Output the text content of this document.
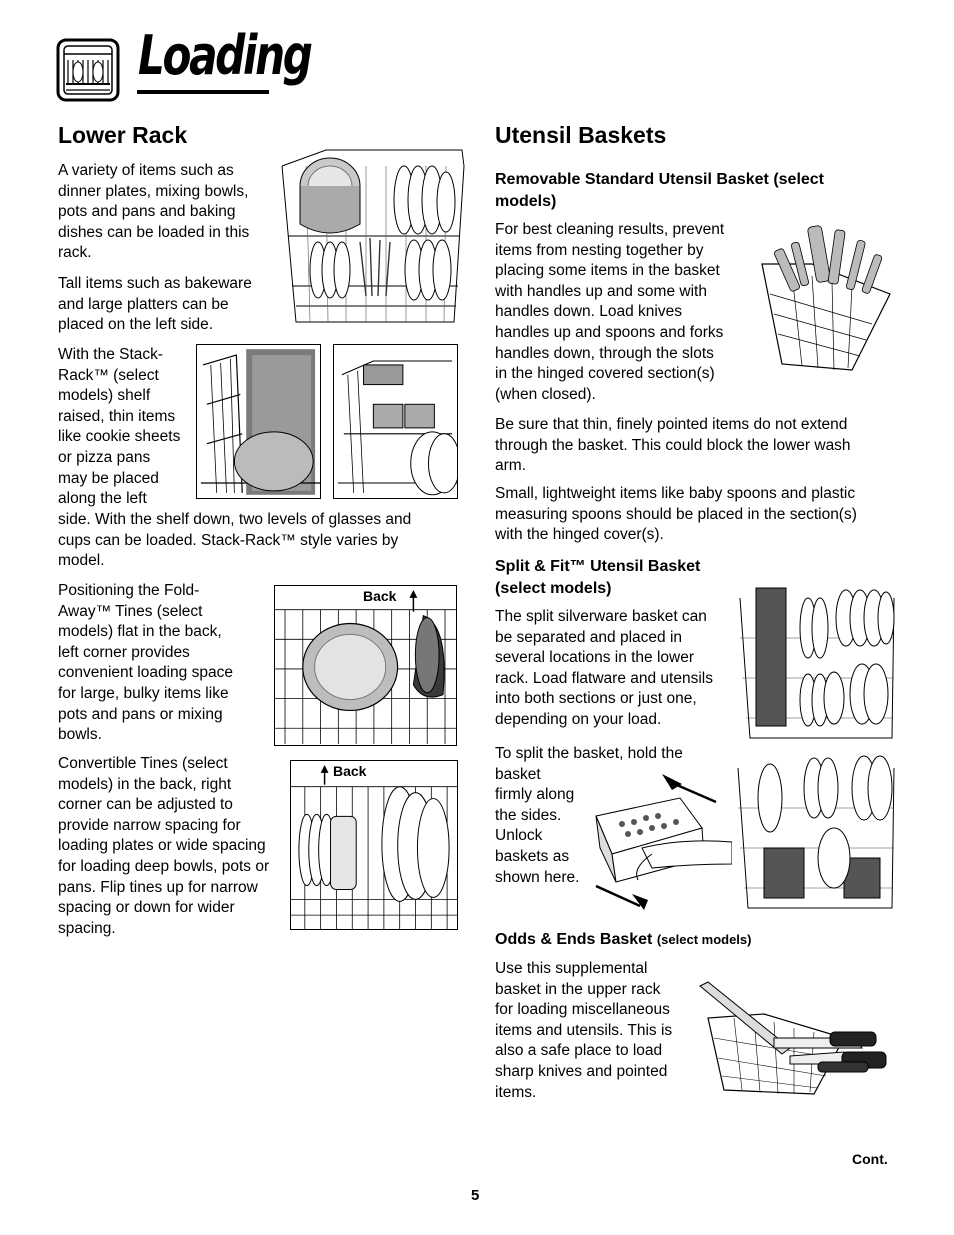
Loading
Lower Rack
A variety of items such as
dinner plates, mixing bowls,
pots and pans and baking
dishes can be loaded in this
rack.
Tall items such as bakeware
and large platters can be
placed on the left side.
With the Stack-
Rack™ (select
models) shelf
raised, thin items
like cookie sheets
or pizza pans
may be placed
along the left
side. With the shelf down, two levels of glasses and
cups can be loaded. Stack-Rack™ style varies by
model.
Positioning the Fold-
Away™ Tines (select
models) flat in the back,
left corner provides
convenient loading space
for large, bulky items like
pots and pans or mixing
bowls.
Convertible Tines (select
models) in the back, right
corner can be adjusted to
provide narrow spacing for
loading plates or wide spacing
for loading deep bowls, pots or
pans. Flip tines up for narrow
spacing or down for wider
spacing.
Back
Back
Utensil Baskets
Removable Standard Utensil Basket (select
models)
For best cleaning results, prevent
items from nesting together by
placing some items in the basket
with handles up and some with
handles down. Load knives
handles up and spoons and forks
handles down, through the slots
in the hinged covered section(s)
(when closed).
Be sure that thin, finely pointed items do not extend
through the basket. This could block the lower wash
arm.
Small, lightweight items like baby spoons and plastic
measuring spoons should be placed in the section(s)
with the hinged cover(s).
Split & Fit™ Utensil Basket
(select models)
The split silverware basket can
be separated and placed in
several locations in the lower
rack. Load flatware and utensils
into both sections or just one,
depending on your load.
To split the basket, hold the
basket
firmly along
the sides.
Unlock
baskets as
shown here.
Odds & Ends Basket (select models)
Use this supplemental
basket in the upper rack
for loading miscellaneous
items and utensils. This is
also a safe place to load
sharp knives and pointed
items.
Cont.
5
